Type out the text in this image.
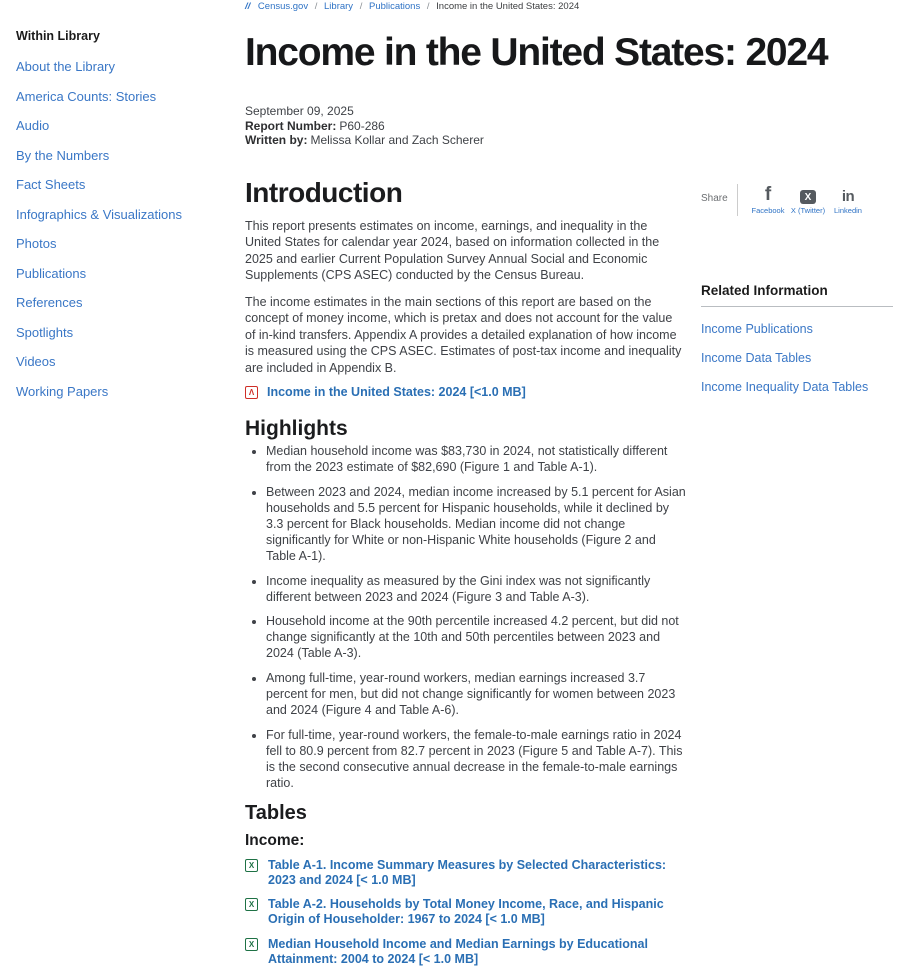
Within Library
About the Library
America Counts: Stories
Audio
By the Numbers
Fact Sheets
Infographics & Visualizations
Photos
Publications
References
Spotlights
Videos
Working Papers
// Census.gov / Library / Publications / Income in the United States: 2024
Income in the United States: 2024
September 09, 2025
Report Number: P60-286
Written by: Melissa Kollar and Zach Scherer
Introduction

This report presents estimates on income, earnings, and inequality in the United States for calendar year 2024, based on information collected in the 2025 and earlier Current Population Survey Annual Social and Economic Supplements (CPS ASEC) conducted by the Census Bureau.

The income estimates in the main sections of this report are based on the concept of money income, which is pretax and does not account for the value of in-kind transfers. Appendix A provides a detailed explanation of how income is measured using the CPS ASEC. Estimates of post-tax income and inequality are included in Appendix B.

Λ	Income in the United States: 2024 [<1.0 MB]
Highlights
• Median household income was $83,730 in 2024, not statistically different from the 2023 estimate of $82,690 (Figure 1 and Table A-1).
• Between 2023 and 2024, median income increased by 5.1 percent for Asian households and 5.5 percent for Hispanic households, while it declined by 3.3 percent for Black households. Median income did not change significantly for White or non-Hispanic White households (Figure 2 and Table A-1).
• Income inequality as measured by the Gini index was not significantly different between 2023 and 2024 (Figure 3 and Table A-3).
• Household income at the 90th percentile increased 4.2 percent, but did not change significantly at the 10th and 50th percentiles between 2023 and 2024 (Table A-3).
• Among full-time, year-round workers, median earnings increased 3.7 percent for men, but did not change significantly for women between 2023 and 2024 (Figure 4 and Table A-6).
• For full-time, year-round workers, the female-to-male earnings ratio in 2024 fell to 80.9 percent from 82.7 percent in 2023 (Figure 5 and Table A-7). This is the second consecutive annual decrease in the female-to-male earnings ratio.
Tables
Income:
X	Table A-1. Income Summary Measures by Selected Characteristics: 2023 and 2024 [< 1.0 MB]
X	Table A-2. Households by Total Money Income, Race, and Hispanic Origin of Householder: 1967 to 2024 [< 1.0 MB]
X	Median Household Income and Median Earnings by Educational Attainment: 2004 to 2024 [< 1.0 MB]
Share	f
Facebook
X
X (Twitter)
in
Linkedin
Related Information
Income Publications
Income Data Tables
Income Inequality Data Tables
